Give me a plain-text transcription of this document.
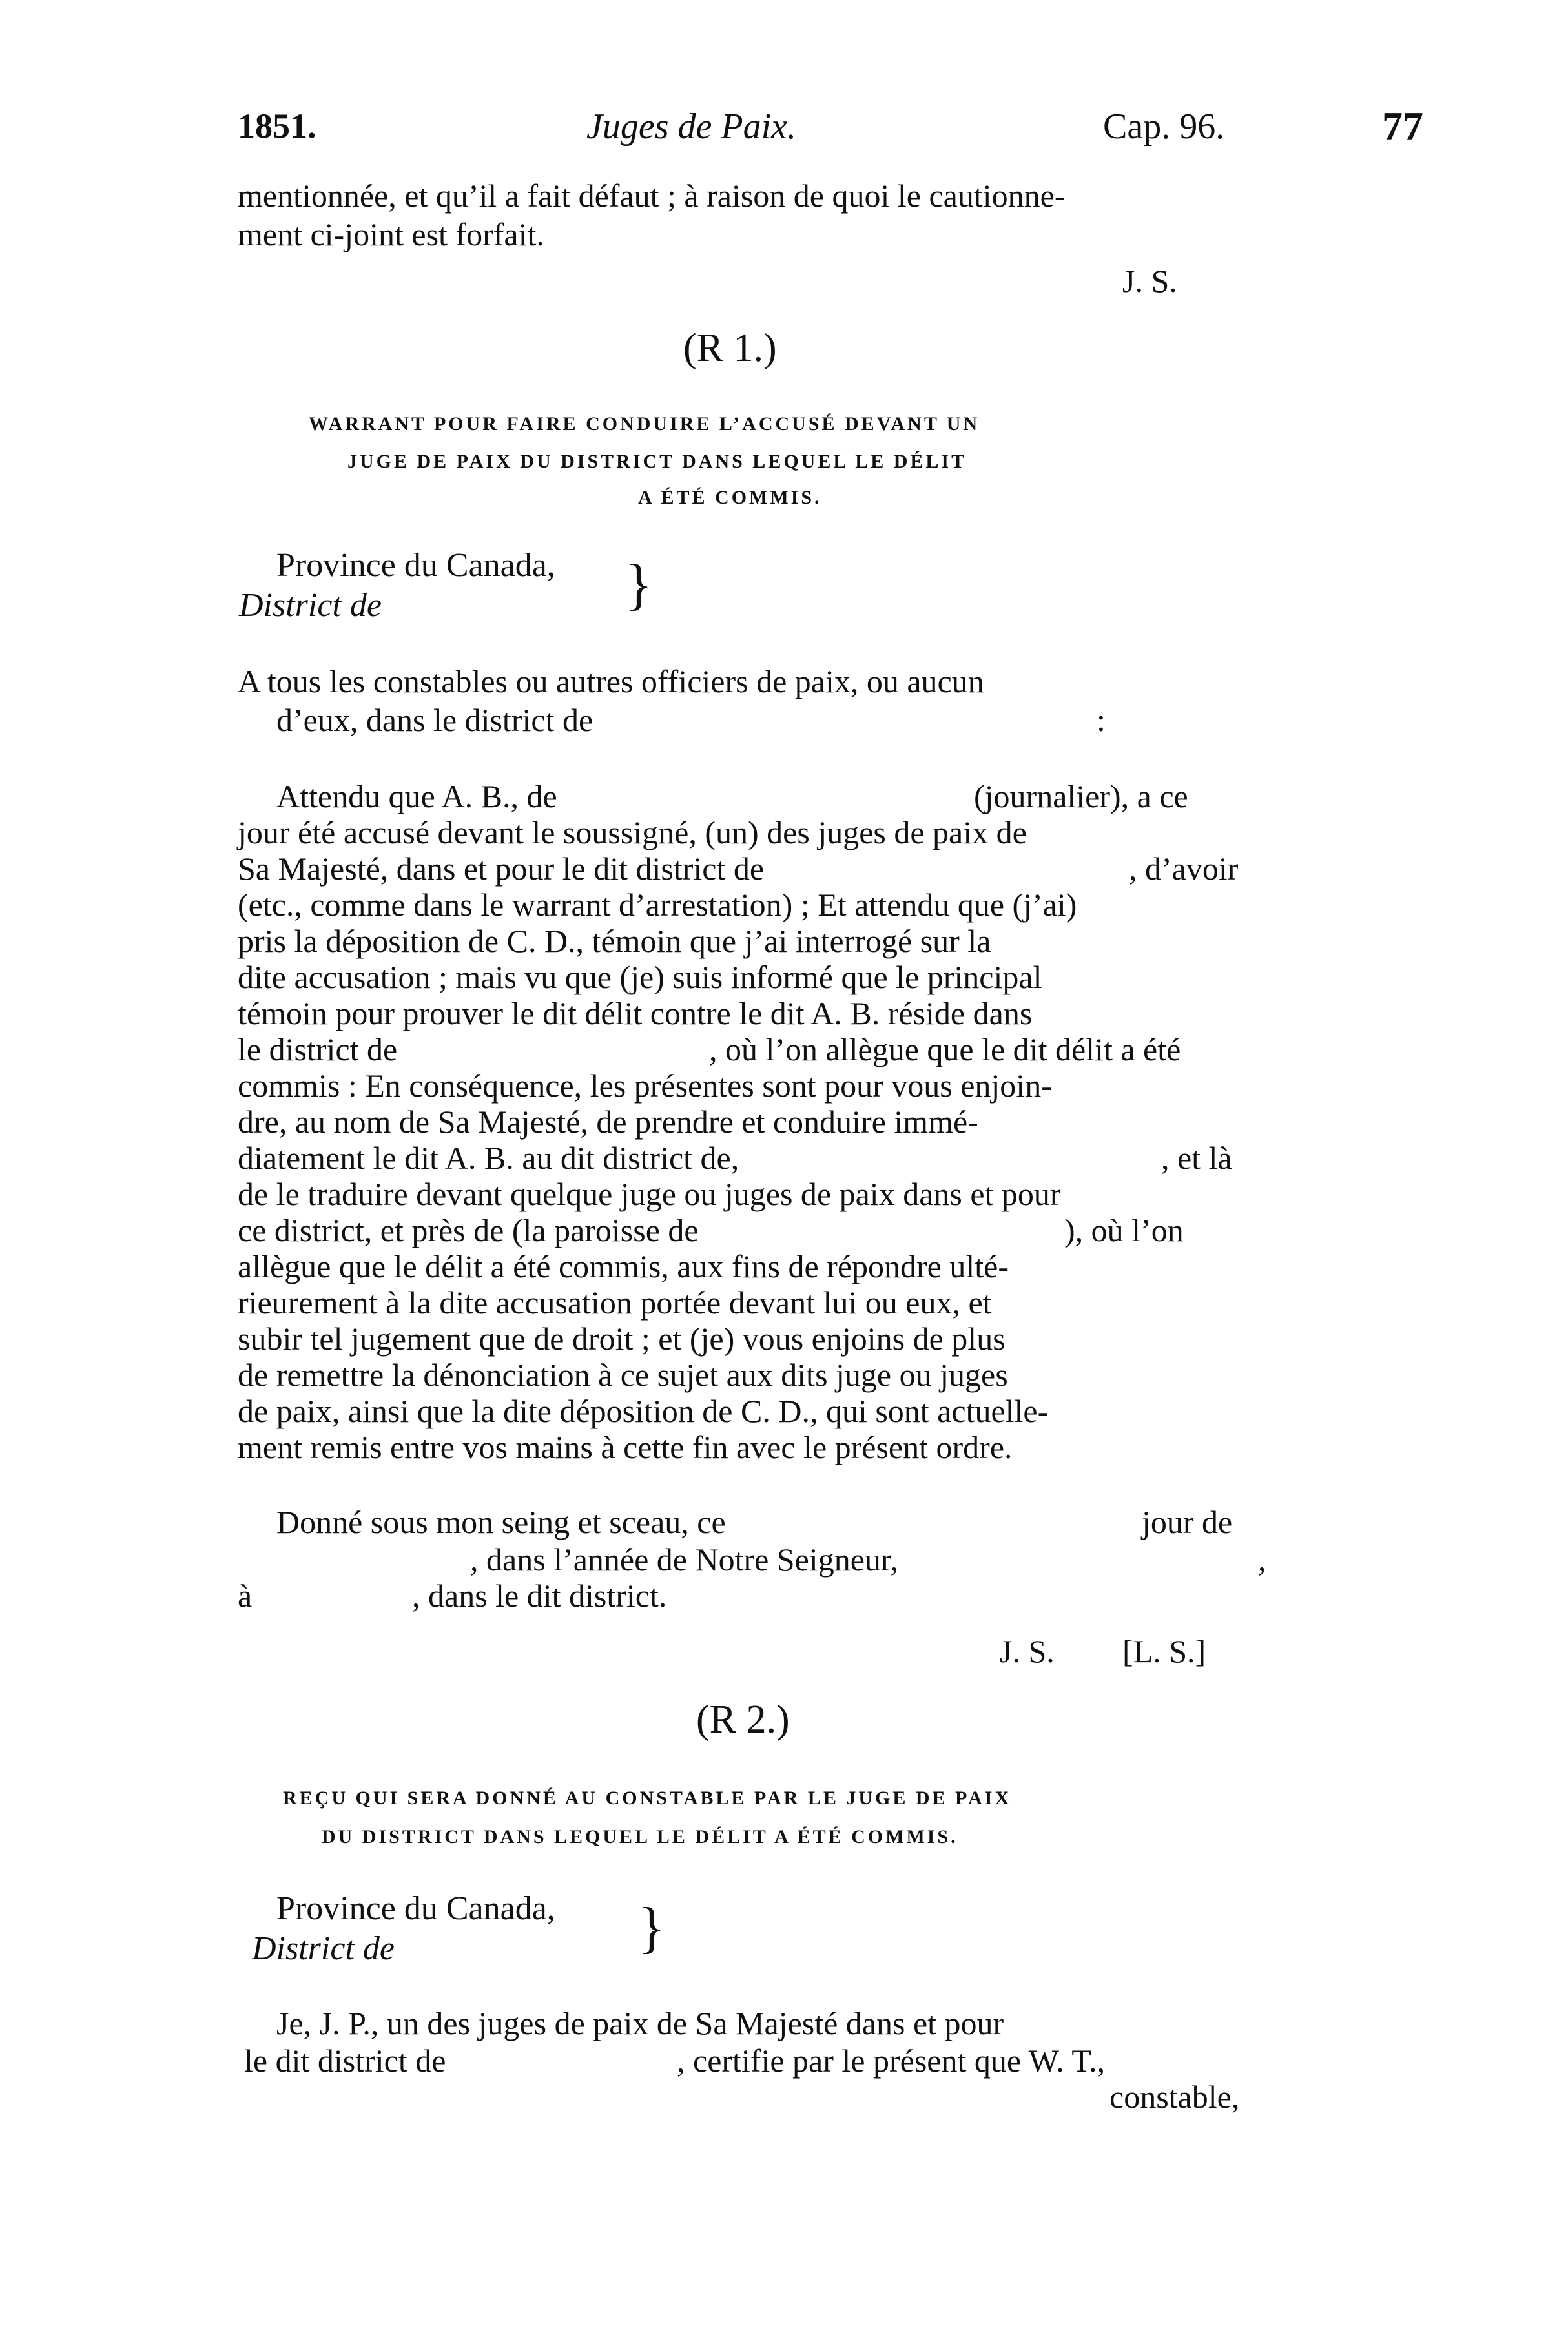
1851.	Juges de Paix.	Cap. 96.	77
mentionnée, et qu’il a fait défaut ; à raison de quoi le cautionne-
ment ci-joint est forfait.
J. S.
(R 1.)
WARRANT POUR FAIRE CONDUIRE L’ACCUSÉ DEVANT UN
JUGE DE PAIX DU DISTRICT DANS LEQUEL LE DÉLIT
A ÉTÉ COMMIS.
Province du Canada,
District de	}
A tous les constables ou autres officiers de paix, ou aucun
d’eux, dans le district de	:
Attendu que A. B., de	(journalier), a ce
jour été accusé devant le soussigné, (un) des juges de paix de
Sa Majesté, dans et pour le dit district de	, d’avoir
(etc., comme dans le warrant d’arrestation) ; Et attendu que (j’ai)
pris la déposition de C. D., témoin que j’ai interrogé sur la
dite accusation ; mais vu que (je) suis informé que le principal
témoin pour prouver le dit délit contre le dit A. B. réside dans
le district de	, où l’on allègue que le dit délit a été
commis : En conséquence, les présentes sont pour vous enjoin-
dre, au nom de Sa Majesté, de prendre et conduire immé-
diatement le dit A. B. au dit district de,	, et là
de le traduire devant quelque juge ou juges de paix dans et pour
ce district, et près de (la paroisse de	), où l’on
allègue que le délit a été commis, aux fins de répondre ulté-
rieurement à la dite accusation portée devant lui ou eux, et
subir tel jugement que de droit ; et (je) vous enjoins de plus
de remettre la dénonciation à ce sujet aux dits juge ou juges
de paix, ainsi que la dite déposition de C. D., qui sont actuelle-
ment remis entre vos mains à cette fin avec le présent ordre.
Donné sous mon seing et sceau, ce	jour de
, dans l’année de Notre Seigneur,	,
à	, dans le dit district.
J. S. [L. S.]
(R 2.)
REÇU QUI SERA DONNÉ AU CONSTABLE PAR LE JUGE DE PAIX
DU DISTRICT DANS LEQUEL LE DÉLIT A ÉTÉ COMMIS.
Province du Canada,
District de	}
Je, J. P., un des juges de paix de Sa Majesté dans et pour
le dit district de	, certifie par le présent que W. T.,
constable,
